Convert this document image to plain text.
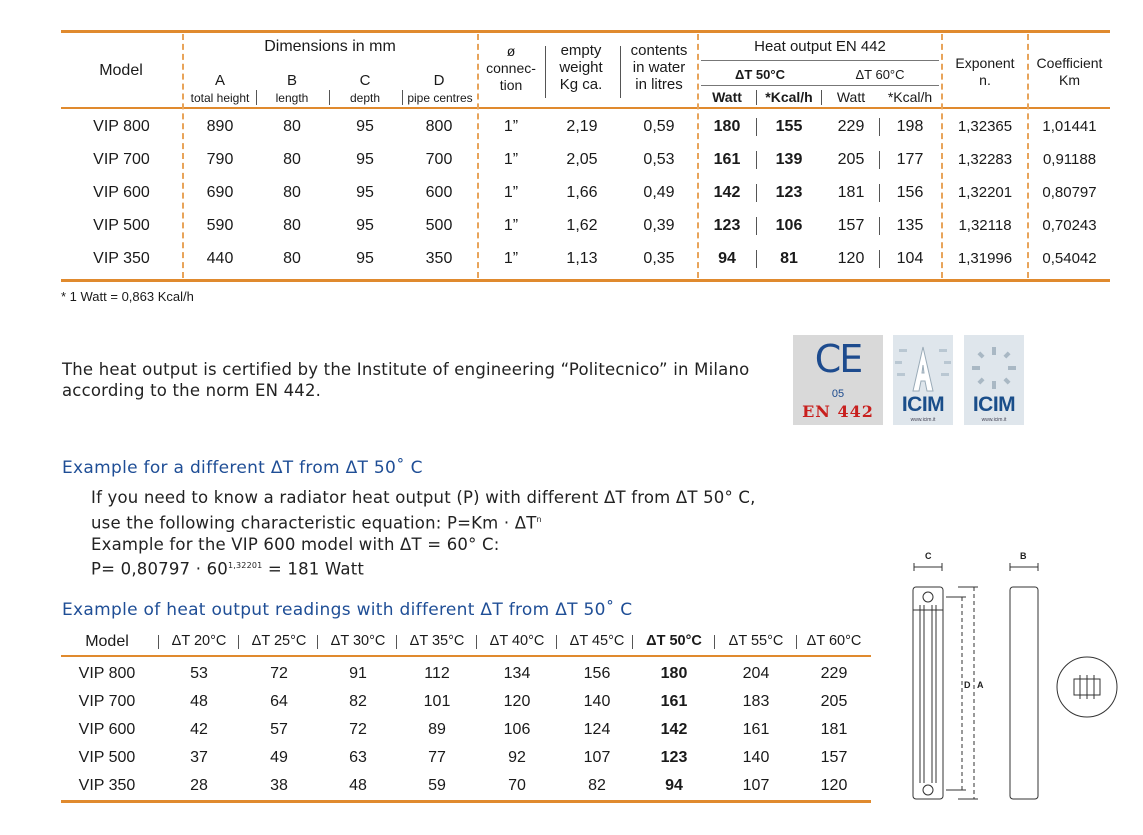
Model
Dimensions in mm
A	B	C	D
total height	length	depth	pipe centres
ø
connec-
tion
empty
weight
Kg ca.
contents
in water
in litres
Heat output EN 442
ΔT 50°C	ΔT 60°C
Watt	*Kcal/h	Watt	*Kcal/h
Exponent
n.
Coefficient
Km
VIP 800	890	80	95	800	1”	2,19	0,59	180	155	229	198	1,32365	1,01441
VIP 700	790	80	95	700	1”	2,05	0,53	161	139	205	177	1,32283	0,91188
VIP 600	690	80	95	600	1”	1,66	0,49	142	123	181	156	1,32201	0,80797
VIP 500	590	80	95	500	1”	1,62	0,39	123	106	157	135	1,32118	0,70243
VIP 350	440	80	95	350	1”	1,13	0,35	94	81	120	104	1,31996	0,54042
* 1 Watt = 0,863 Kcal/h
The heat output is certified by the Institute of engineering “Politecnico” in Milano according to the norm EN 442.
CE
05
EN 442	ICIM
www.icim.it
ICIM
www.icim.it
Example for a different ΔT from ΔT 50˚ C
If you need to know a radiator heat output (P) with different ΔT from ΔT 50° C,
use the following characteristic equation: $P=Km \cdot \Delta T^n$
Example for the VIP 600 model with ΔT = 60° C:
$P= 0,80797 \cdot 60^{1,32201} = 181$ Watt
Example of heat output readings with different ΔT from ΔT 50˚ C
Model	ΔT 20°C	ΔT 25°C	ΔT 30°C	ΔT 35°C	ΔT 40°C	ΔT 45°C	ΔT 50°C	ΔT 55°C	ΔT 60°C
VIP 800	53	72	91	112	134	156	180	204	229
VIP 700	48	64	82	101	120	140	161	183	205
VIP 600	42	57	72	89	106	124	142	161	181
VIP 500	37	49	63	77	92	107	123	140	157
VIP 350	28	38	48	59	70	82	94	107	120
C	B
D A
